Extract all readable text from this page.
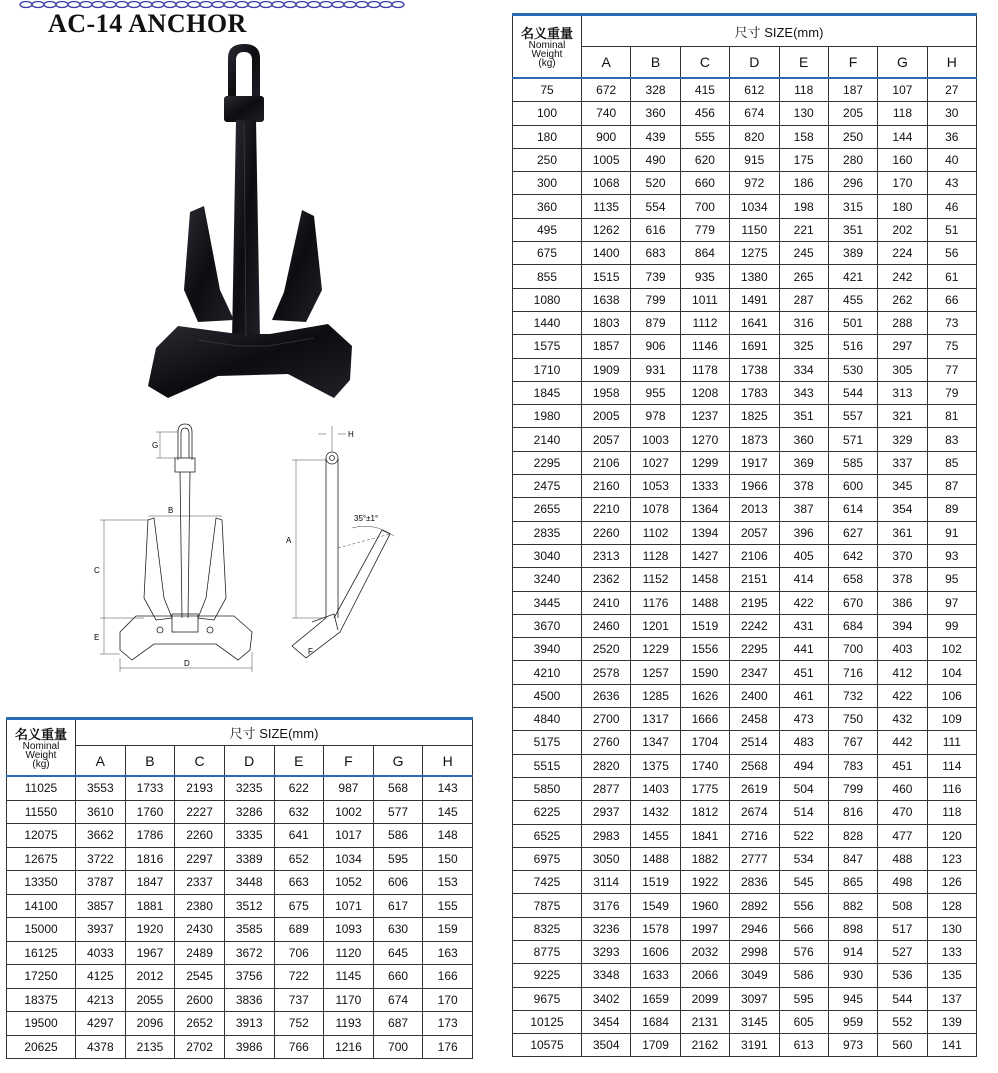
AC-14 ANCHOR
G
B
C
E
D
H
A
35°±1°
F
名义重量
Nominal
Weight
(kg)	尺寸 SIZE(mm)							
	A	B	C	D	E	F	G	H
11025	3553	1733	2193	3235	622	987	568	143
11550	3610	1760	2227	3286	632	1002	577	145
12075	3662	1786	2260	3335	641	1017	586	148
12675	3722	1816	2297	3389	652	1034	595	150
13350	3787	1847	2337	3448	663	1052	606	153
14100	3857	1881	2380	3512	675	1071	617	155
15000	3937	1920	2430	3585	689	1093	630	159
16125	4033	1967	2489	3672	706	1120	645	163
17250	4125	2012	2545	3756	722	1145	660	166
18375	4213	2055	2600	3836	737	1170	674	170
19500	4297	2096	2652	3913	752	1193	687	173
20625	4378	2135	2702	3986	766	1216	700	176
名义重量
Nominal
Weight
(kg)	尺寸 SIZE(mm)							
	A	B	C	D	E	F	G	H
75	672	328	415	612	118	187	107	27
100	740	360	456	674	130	205	118	30
180	900	439	555	820	158	250	144	36
250	1005	490	620	915	175	280	160	40
300	1068	520	660	972	186	296	170	43
360	1135	554	700	1034	198	315	180	46
495	1262	616	779	1150	221	351	202	51
675	1400	683	864	1275	245	389	224	56
855	1515	739	935	1380	265	421	242	61
1080	1638	799	1011	1491	287	455	262	66
1440	1803	879	1112	1641	316	501	288	73
1575	1857	906	1146	1691	325	516	297	75
1710	1909	931	1178	1738	334	530	305	77
1845	1958	955	1208	1783	343	544	313	79
1980	2005	978	1237	1825	351	557	321	81
2140	2057	1003	1270	1873	360	571	329	83
2295	2106	1027	1299	1917	369	585	337	85
2475	2160	1053	1333	1966	378	600	345	87
2655	2210	1078	1364	2013	387	614	354	89
2835	2260	1102	1394	2057	396	627	361	91
3040	2313	1128	1427	2106	405	642	370	93
3240	2362	1152	1458	2151	414	658	378	95
3445	2410	1176	1488	2195	422	670	386	97
3670	2460	1201	1519	2242	431	684	394	99
3940	2520	1229	1556	2295	441	700	403	102
4210	2578	1257	1590	2347	451	716	412	104
4500	2636	1285	1626	2400	461	732	422	106
4840	2700	1317	1666	2458	473	750	432	109
5175	2760	1347	1704	2514	483	767	442	111
5515	2820	1375	1740	2568	494	783	451	114
5850	2877	1403	1775	2619	504	799	460	116
6225	2937	1432	1812	2674	514	816	470	118
6525	2983	1455	1841	2716	522	828	477	120
6975	3050	1488	1882	2777	534	847	488	123
7425	3114	1519	1922	2836	545	865	498	126
7875	3176	1549	1960	2892	556	882	508	128
8325	3236	1578	1997	2946	566	898	517	130
8775	3293	1606	2032	2998	576	914	527	133
9225	3348	1633	2066	3049	586	930	536	135
9675	3402	1659	2099	3097	595	945	544	137
10125	3454	1684	2131	3145	605	959	552	139
10575	3504	1709	2162	3191	613	973	560	141
